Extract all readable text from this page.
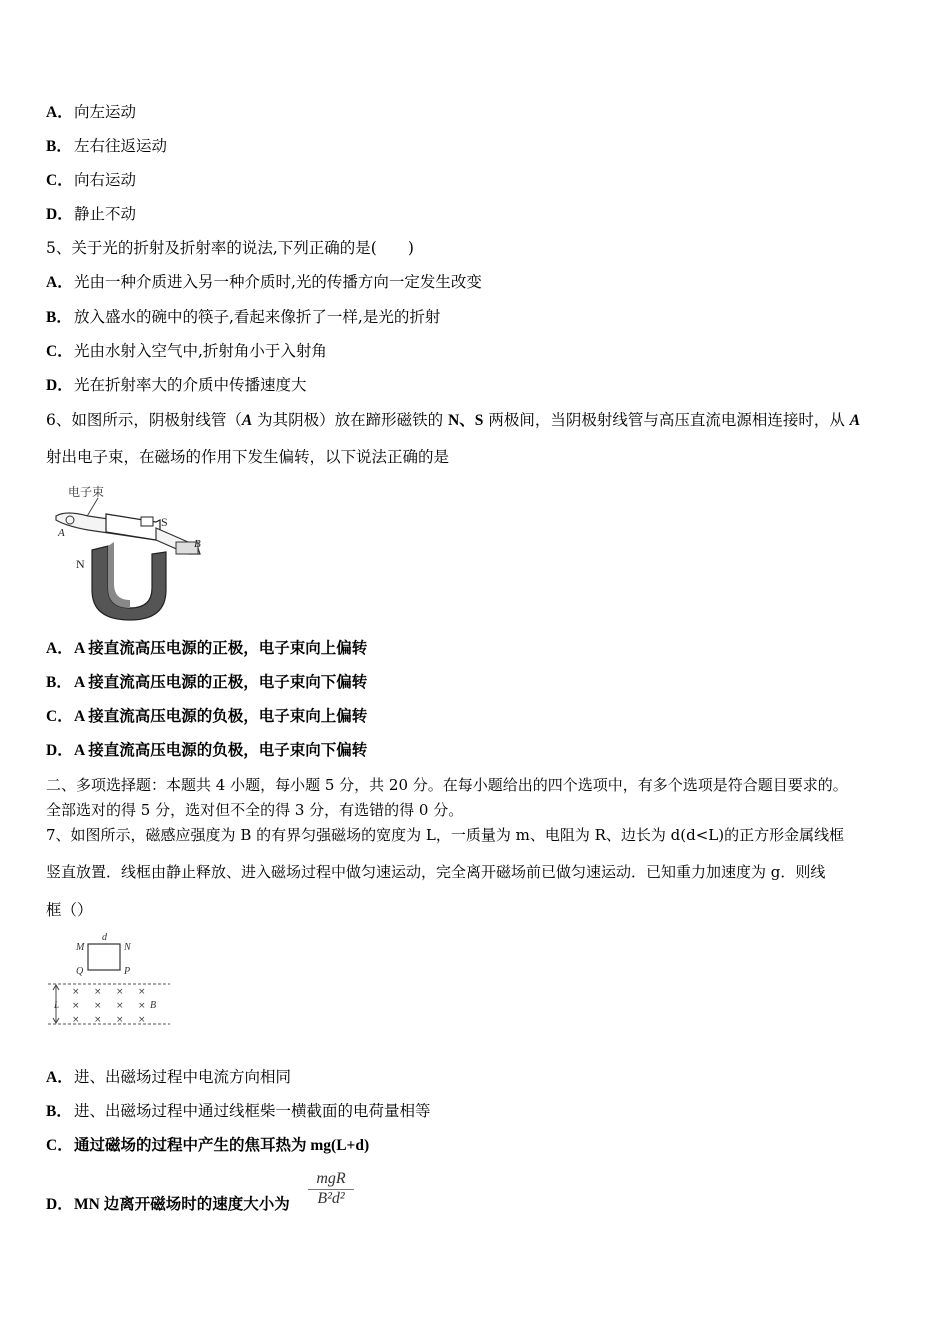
A．向左运动
B． 左右往返运动
C．向右运动
D．静止不动
5、关于光的折射及折射率的说法,下列正确的是(　　)
A．光由一种介质进入另一种介质时,光的传播方向一定发生改变
B． 放入盛水的碗中的筷子,看起来像折了一样,是光的折射
C．光由水射入空气中,折射角小于入射角
D．光在折射率大的介质中传播速度大
6、如图所示，阴极射线管（A 为其阴极）放在蹄形磁铁的 N、S 两极间，当阴极射线管与高压直流电源相连接时，从 A
射出电子束，在磁场的作用下发生偏转，以下说法正确的是
电子束
S
B
A
N
A．A 接直流高压电源的正极，电子束向上偏转
B． A 接直流高压电源的正极，电子束向下偏转
C．A 接直流高压电源的负极，电子束向上偏转
D．A 接直流高压电源的负极，电子束向下偏转
二、多项选择题：本题共 4 小题，每小题 5 分，共 20 分。在每小题给出的四个选项中，有多个选项是符合题目要求的。
全部选对的得 5 分，选对但不全的得 3 分，有选错的得 0 分。
7、如图所示，磁感应强度为 B 的有界匀强磁场的宽度为 L，一质量为 m、电阻为 R、边长为 d(d<L)的正方形金属线框
竖直放置．线框由静止释放、进入磁场过程中做匀速运动，完全离开磁场前已做匀速运动．已知重力加速度为 g．则线
框（）
d
M	N
Q	P
L
× × × ×
× × × ×
× × × ×
B
A．进、出磁场过程中电流方向相同
B． 进、出磁场过程中通过线框柴一横截面的电荷量相等
C．通过磁场的过程中产生的焦耳热为 mg(L+d)
D．MN 边离开磁场时的速度大小为
mgR
B²d²
